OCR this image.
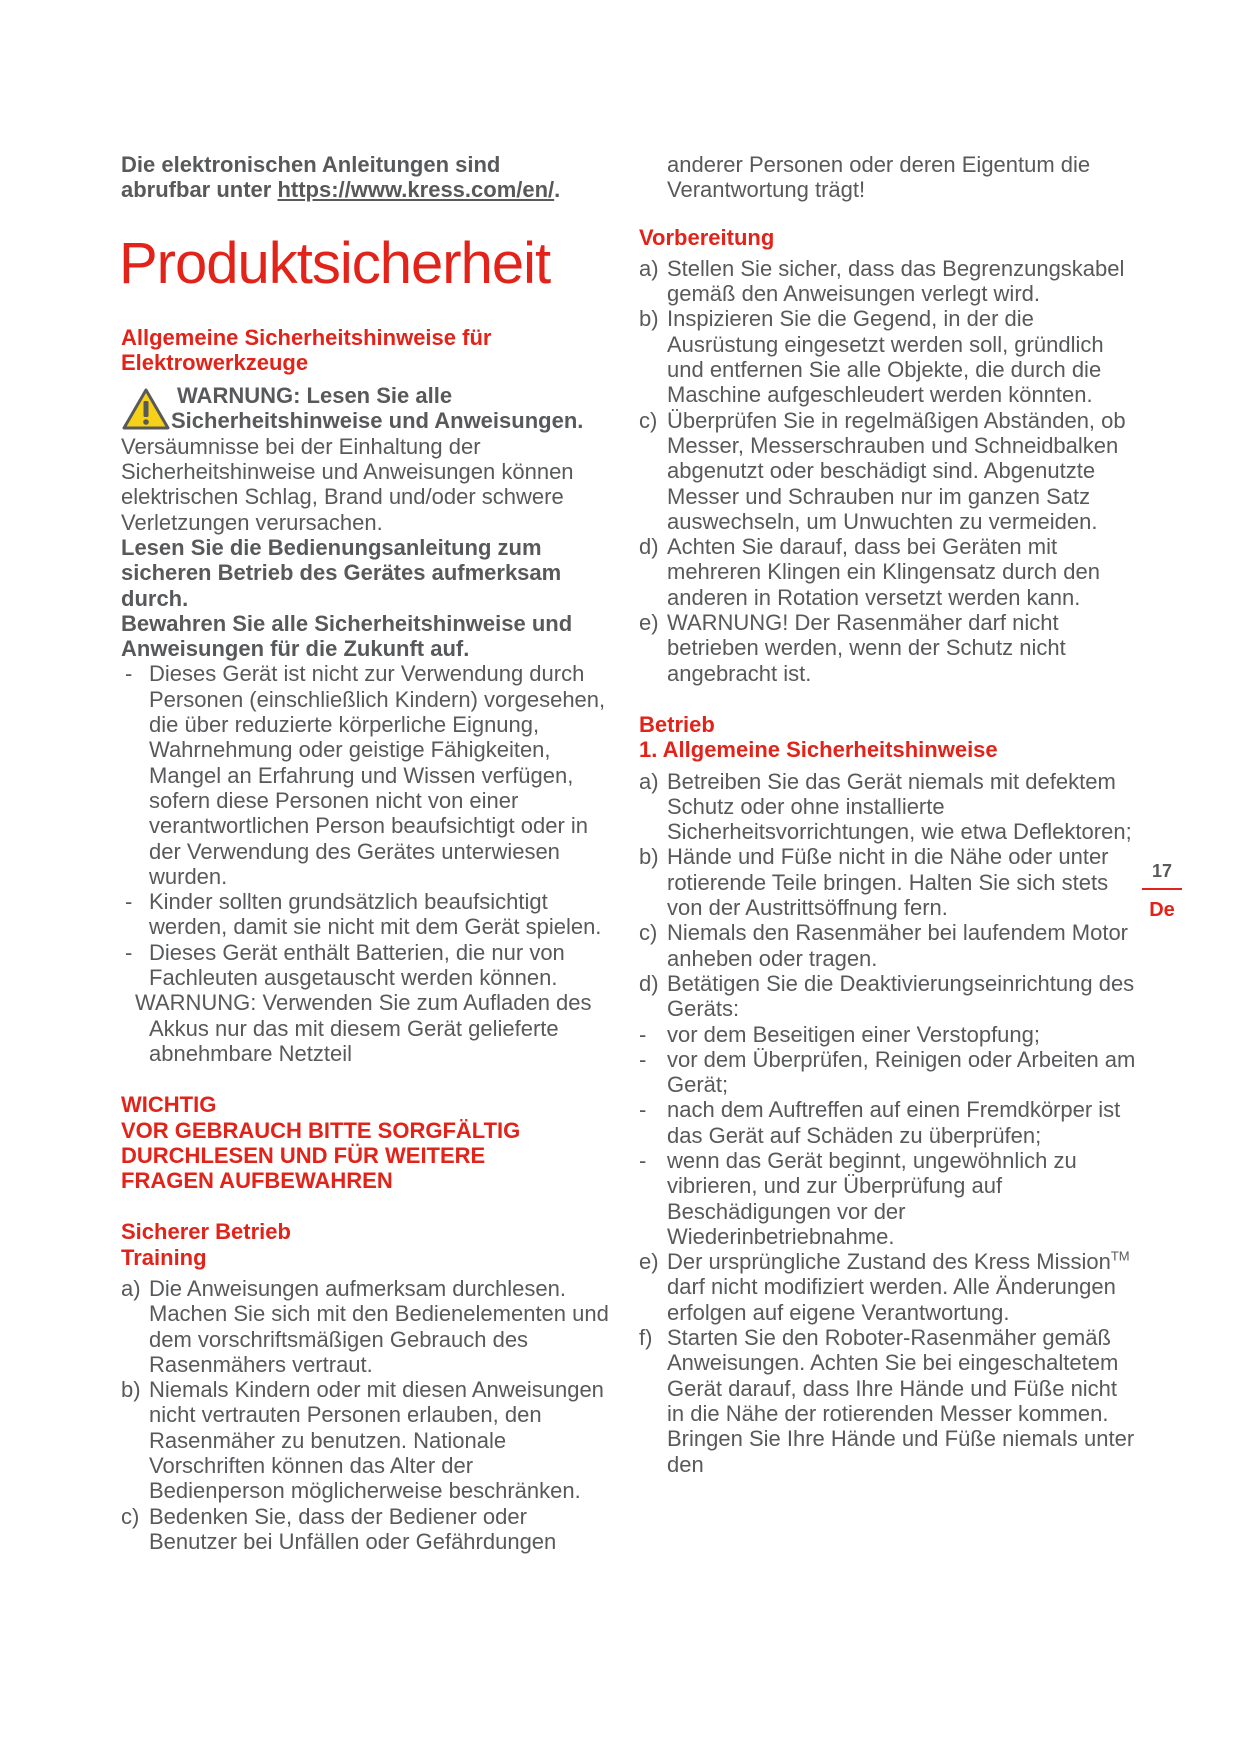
Die elektronischen Anleitungen sind
abrufbar unter https://www.kress.com/en/.
Produktsicherheit
Allgemeine Sicherheitshinweise für
Elektrowerkzeuge
WARNUNG: Lesen Sie alle
Sicherheitshinweise und Anweisungen.

Versäumnisse bei der Einhaltung der Sicherheitshinweise und Anweisungen können elektrischen Schlag, Brand und/oder schwere Verletzungen verursachen.

Lesen Sie die Bedienungsanleitung zum sicheren Betrieb des Gerätes aufmerksam durch.

Bewahren Sie alle Sicherheitshinweise und Anweisungen für die Zukunft auf.

- Dieses Gerät ist nicht zur Verwendung durch Personen (einschließlich Kindern) vorgesehen, die über reduzierte körperliche Eignung, Wahrnehmung oder geistige Fähigkeiten, Mangel an Erfahrung und Wissen verfügen, sofern diese Personen nicht von einer verantwortlichen Person beaufsichtigt oder in der Verwendung des Gerätes unterwiesen wurden.
- Kinder sollten grundsätzlich beaufsichtigt werden, damit sie nicht mit dem Gerät spielen.
- Dieses Gerät enthält Batterien, die nur von Fachleuten ausgetauscht werden können.
WARNUNG: Verwenden Sie zum Aufladen des Akkus nur das mit diesem Gerät gelieferte abnehmbare Netzteil
WICHTIG
VOR GEBRAUCH BITTE SORGFÄLTIG
DURCHLESEN UND FÜR WEITERE
FRAGEN AUFBEWAHREN
Sicherer Betrieb
Training
a) Die Anweisungen aufmerksam durchlesen. Machen Sie sich mit den Bedienelementen und dem vorschriftsmäßigen Gebrauch des Rasenmähers vertraut.
b) Niemals Kindern oder mit diesen Anweisungen nicht vertrauten Personen erlauben, den Rasenmäher zu benutzen. Nationale Vorschriften können das Alter der Bedienperson möglicherweise beschränken.
c) Bedenken Sie, dass der Bediener oder Benutzer bei Unfällen oder Gefährdungen
anderer Personen oder deren Eigentum die Verantwortung trägt!
Vorbereitung
a) Stellen Sie sicher, dass das Begrenzungskabel gemäß den Anweisungen verlegt wird.
b) Inspizieren Sie die Gegend, in der die Ausrüstung eingesetzt werden soll, gründlich und entfernen Sie alle Objekte, die durch die Maschine aufgeschleudert werden könnten.
c) Überprüfen Sie in regelmäßigen Abständen, ob Messer, Messerschrauben und Schneidbalken abgenutzt oder beschädigt sind. Abgenutzte Messer und Schrauben nur im ganzen Satz auswechseln, um Unwuchten zu vermeiden.
d) Achten Sie darauf, dass bei Geräten mit mehreren Klingen ein Klingensatz durch den anderen in Rotation versetzt werden kann.
e) WARNUNG! Der Rasenmäher darf nicht betrieben werden, wenn der Schutz nicht angebracht ist.
Betrieb
1. Allgemeine Sicherheitshinweise
a) Betreiben Sie das Gerät niemals mit defektem Schutz oder ohne installierte Sicherheitsvorrichtungen, wie etwa Deflektoren;
b) Hände und Füße nicht in die Nähe oder unter rotierende Teile bringen. Halten Sie sich stets von der Austrittsöffnung fern.
c) Niemals den Rasenmäher bei laufendem Motor anheben oder tragen.
d) Betätigen Sie die Deaktivierungseinrichtung des Geräts:
- vor dem Beseitigen einer Verstopfung;
- vor dem Überprüfen, Reinigen oder Arbeiten am Gerät;
- nach dem Auftreffen auf einen Fremdkörper ist das Gerät auf Schäden zu überprüfen;
- wenn das Gerät beginnt, ungewöhnlich zu vibrieren, und zur Überprüfung auf Beschädigungen vor der Wiederinbetriebnahme.
e) Der ursprüngliche Zustand des Kress Mission™ darf nicht modifiziert werden. Alle Änderungen erfolgen auf eigene Verantwortung.
f) Starten Sie den Roboter-Rasenmäher gemäß Anweisungen. Achten Sie bei eingeschaltetem Gerät darauf, dass Ihre Hände und Füße nicht in die Nähe der rotierenden Messer kommen. Bringen Sie Ihre Hände und Füße niemals unter den
17
De
